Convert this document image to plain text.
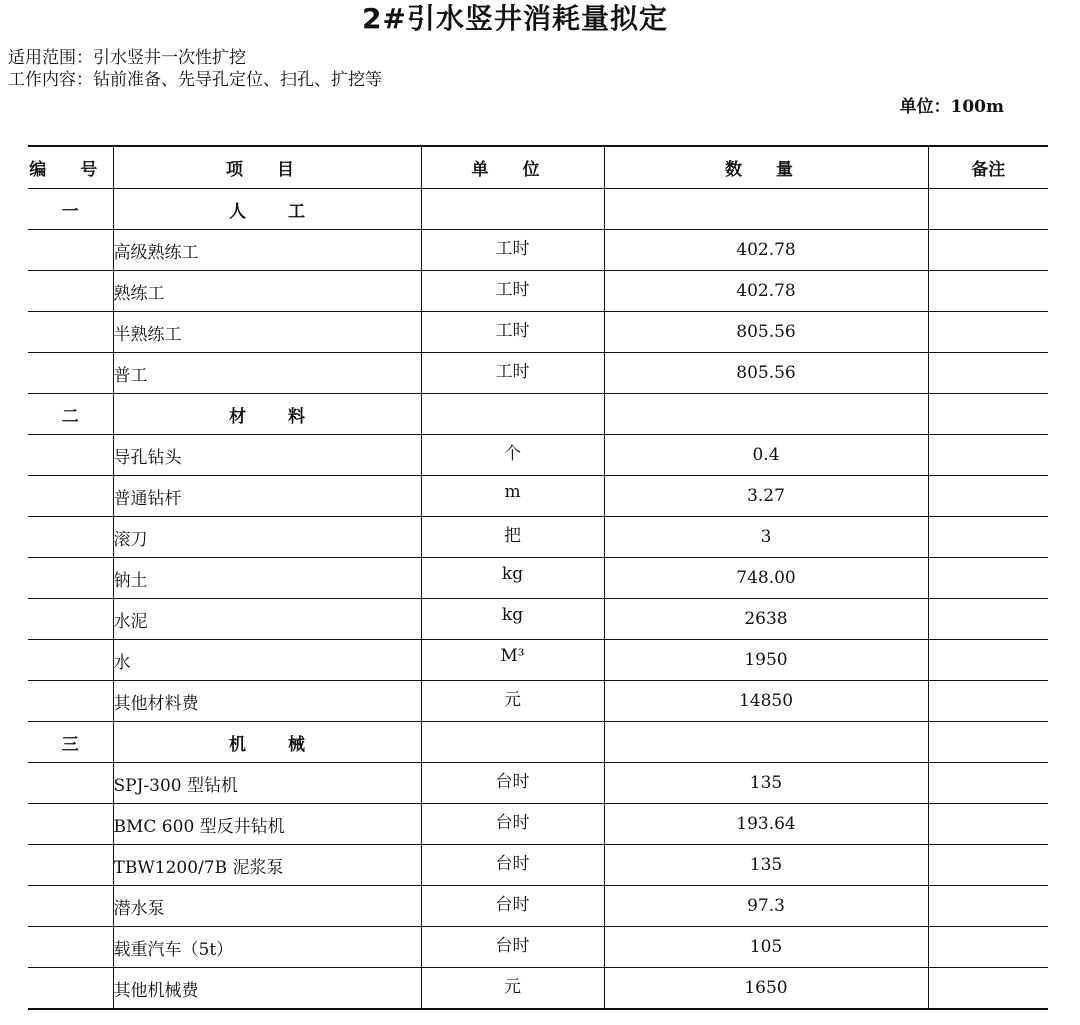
2#引水竖井消耗量拟定
适用范围：引水竖井一次性扩挖
工作内容：钻前准备、先导孔定位、扫孔、扩挖等
单位：100m
编 号	项 目	单 位	数 量	备注
一	人 工			
	高级熟练工	工时	402.78	
	熟练工	工时	402.78	
	半熟练工	工时	805.56	
	普工	工时	805.56	
二	材 料			
	导孔钻头	个	0.4	
	普通钻杆	m	3.27	
	滚刀	把	3	
	钠土	kg	748.00	
	水泥	kg	2638	
	水	M³	1950	
	其他材料费	元	14850	
三	机 械			
	SPJ-300 型钻机	台时	135	
	BMC 600 型反井钻机	台时	193.64	
	TBW1200/7B 泥浆泵	台时	135	
	潜水泵	台时	97.3	
	载重汽车（5t）	台时	105	
	其他机械费	元	1650	
